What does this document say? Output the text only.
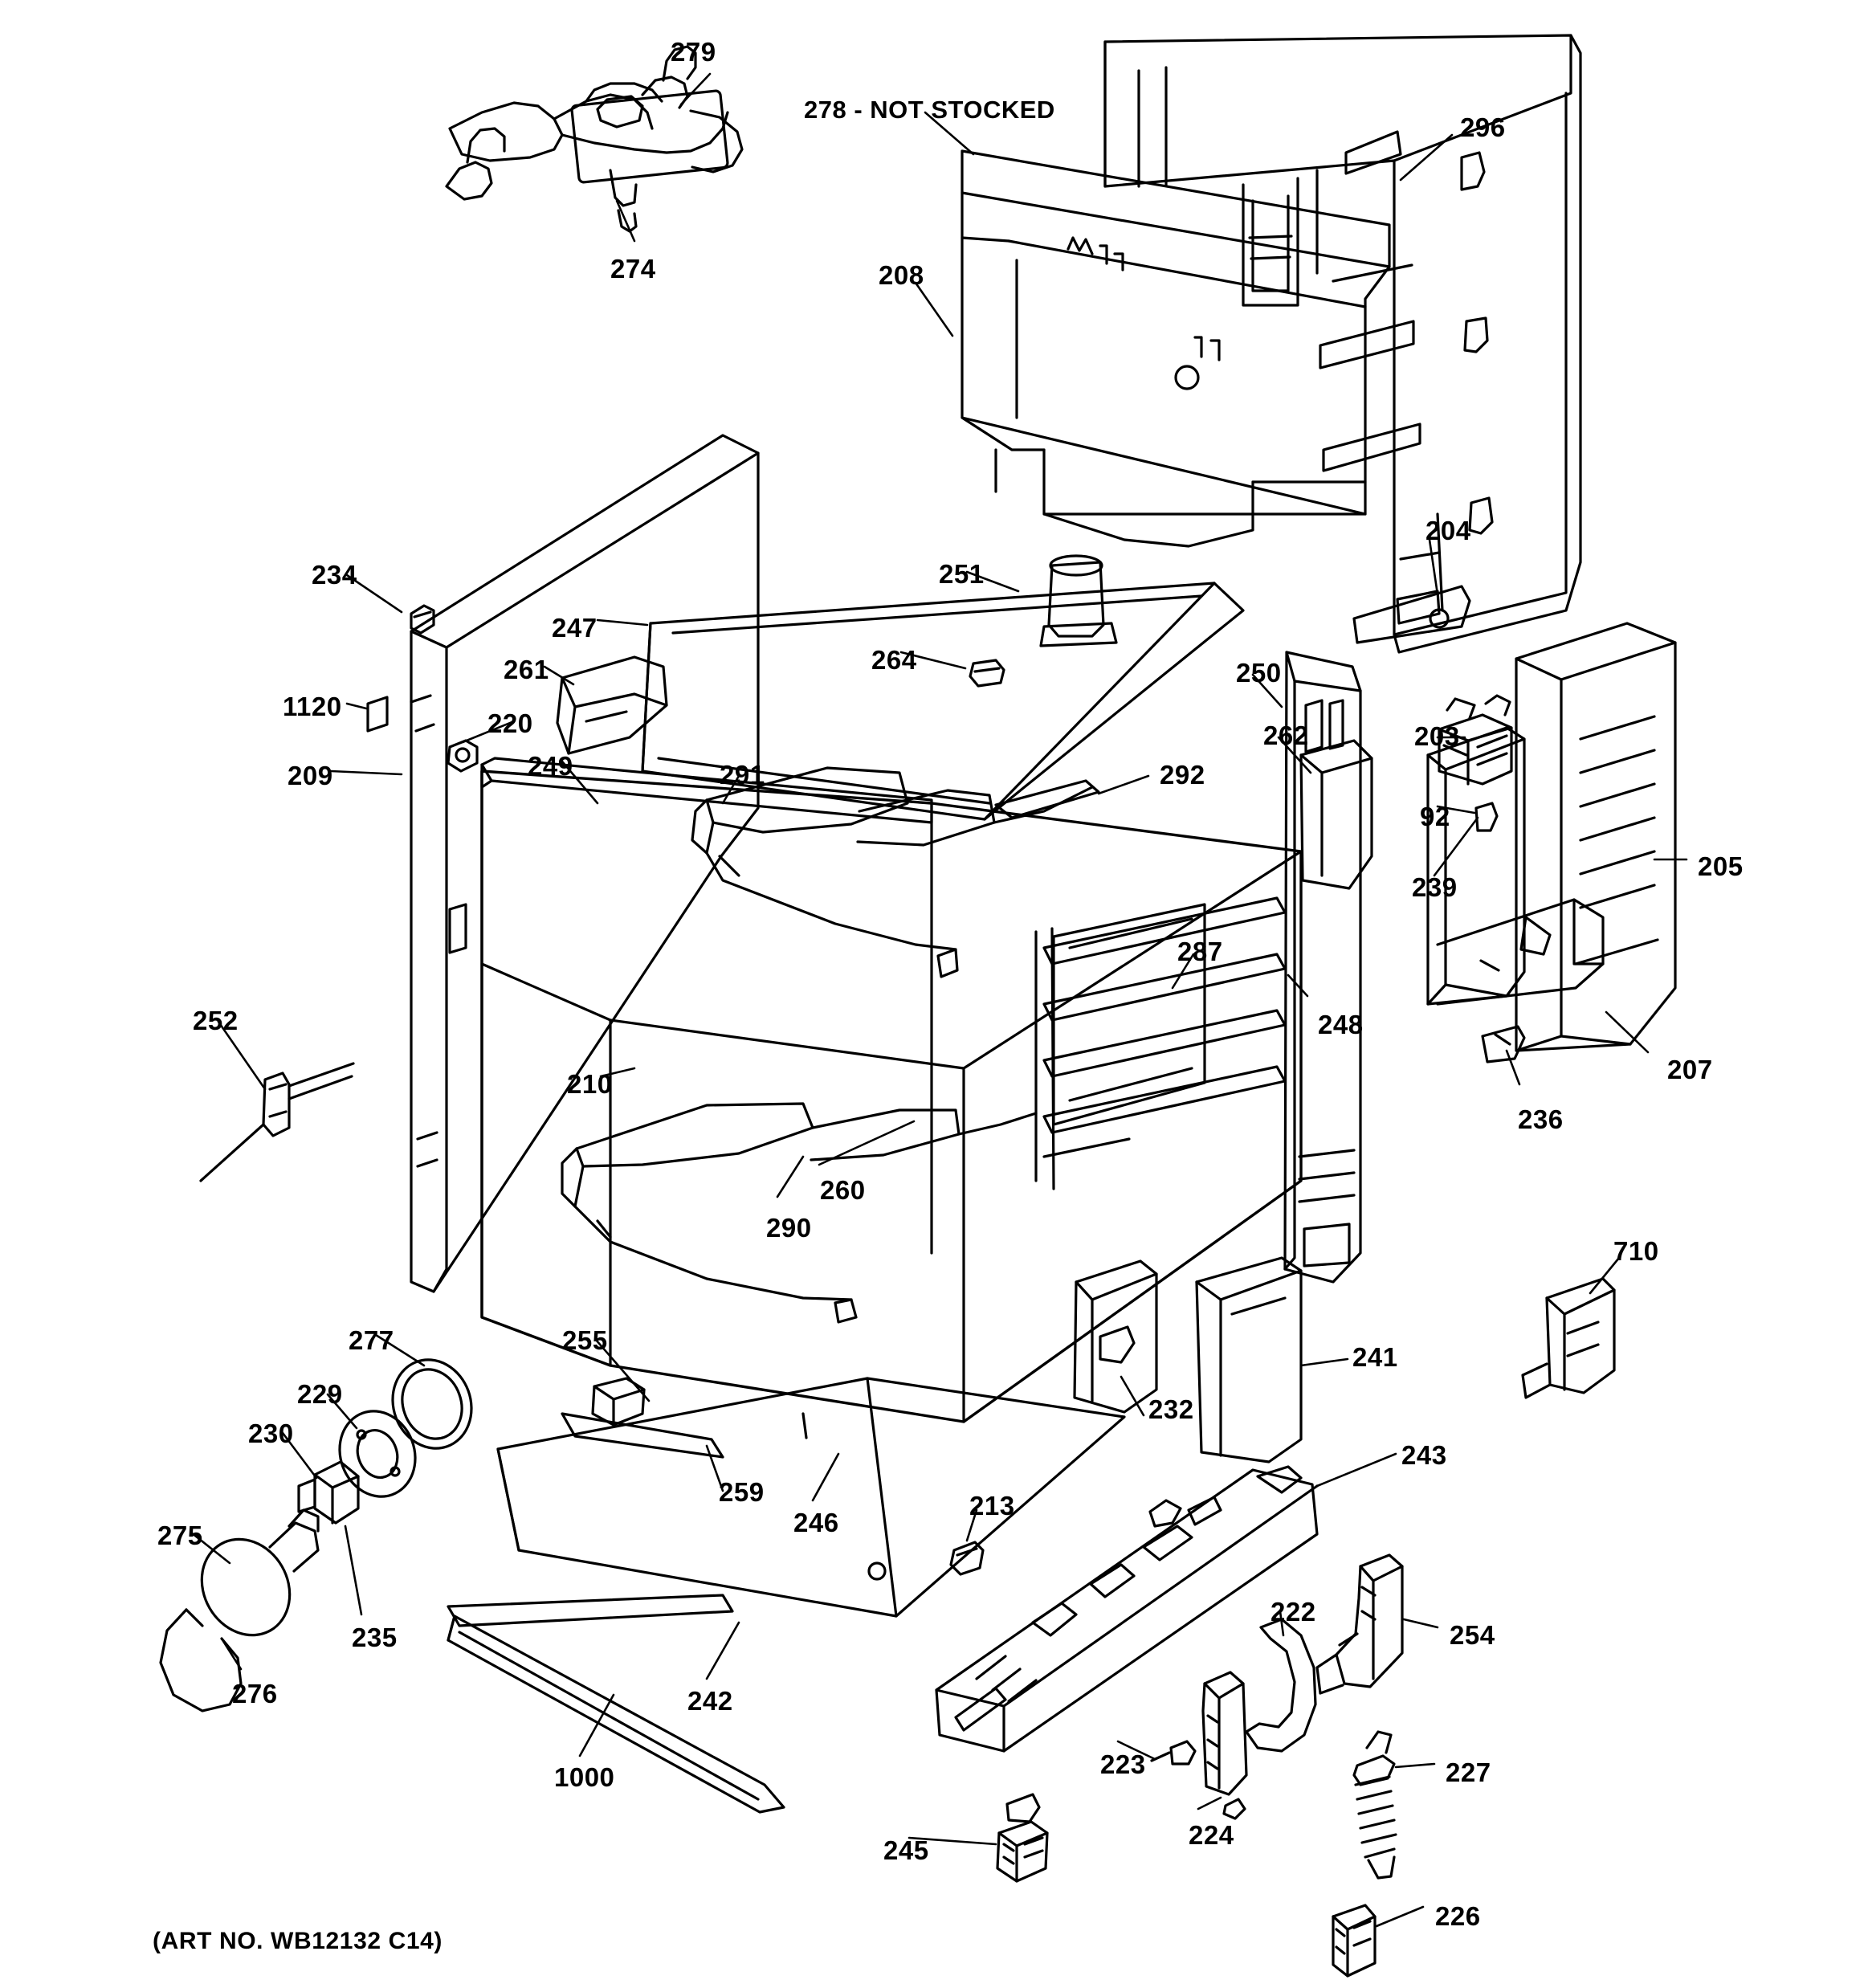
279
278 - NOT STOCKED
296
274	208
204
234	251
247
264	250
261
1120
220	262	203
209	249	291	292
92
205
239
287
248
252
210	207
236
260
290
710
277	255
241
229
232
230
243
259
246
213
275
222
254
235
276	242
1000	223	227
224
245
226
(ART NO. WB12132 C14)
